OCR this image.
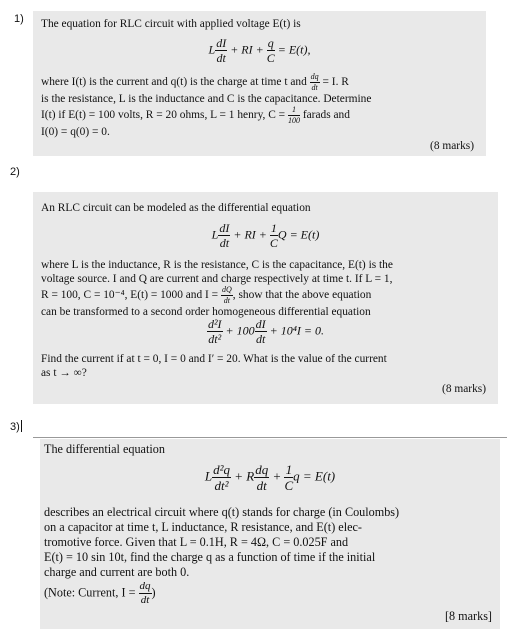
1) The equation for RLC circuit with applied voltage E(t) is

L $\frac{dI}{dt}$ + RI + $\frac{q}{C} = E(t)$,

where I(t) is the current and q(t) is the charge at time t and $\frac{dq}{dt} = I$. R

is the resistance, L is the inductance and C is the capacitance. Determine

I(t) if E(t) = 100 volts, R = 20 ohms, L = 1 henry, $C = \frac{1}{100}$ farads and

I(0) = q(0) = 0.

(8 marks)
2)

An RLC circuit can be modeled as the differential equation

L $\frac{dI}{dt}$ + RI + $\frac{1}{C}$ Q = E(t)

where L is the inductance, R is the resistance, C is the capacitance, E(t) is the

voltage source. I and Q are current and charge respectively at time t. If L = 1,

R = 100, C = 10⁻⁴, E(t) = 1000 and $I = \frac{dQ}{dt}$ , show that the above equation

can be transformed to a second order homogeneous differential equation

$\frac{\text{d²I}}{\text{dt²}} + 100 \frac{dI}{dt} + 10^4I = 0$.

Find the current if at t = 0, I = 0 and I′ = 20. What is the value of the current

as t → ∞?

(8 marks)
3)

The differential equation

L $\frac{\text{d²q}}{\text{dt²}} + R \frac{dq}{dt} + \frac{1}{C}$ q = E(t)

describes an electrical circuit where q(t) stands for charge (in Coulombs)

on a capacitor at time t, L inductance, R resistance, and E(t) elec-

tromotive force. Given that L = 0.1H, R = 4Ω, C = 0.025F and

E(t) = 10 sin 10t, find the charge q as a function of time if the initial

charge and current are both 0.

(Note: Current, $I = \frac{dq}{dt}$ )

[8 marks]
